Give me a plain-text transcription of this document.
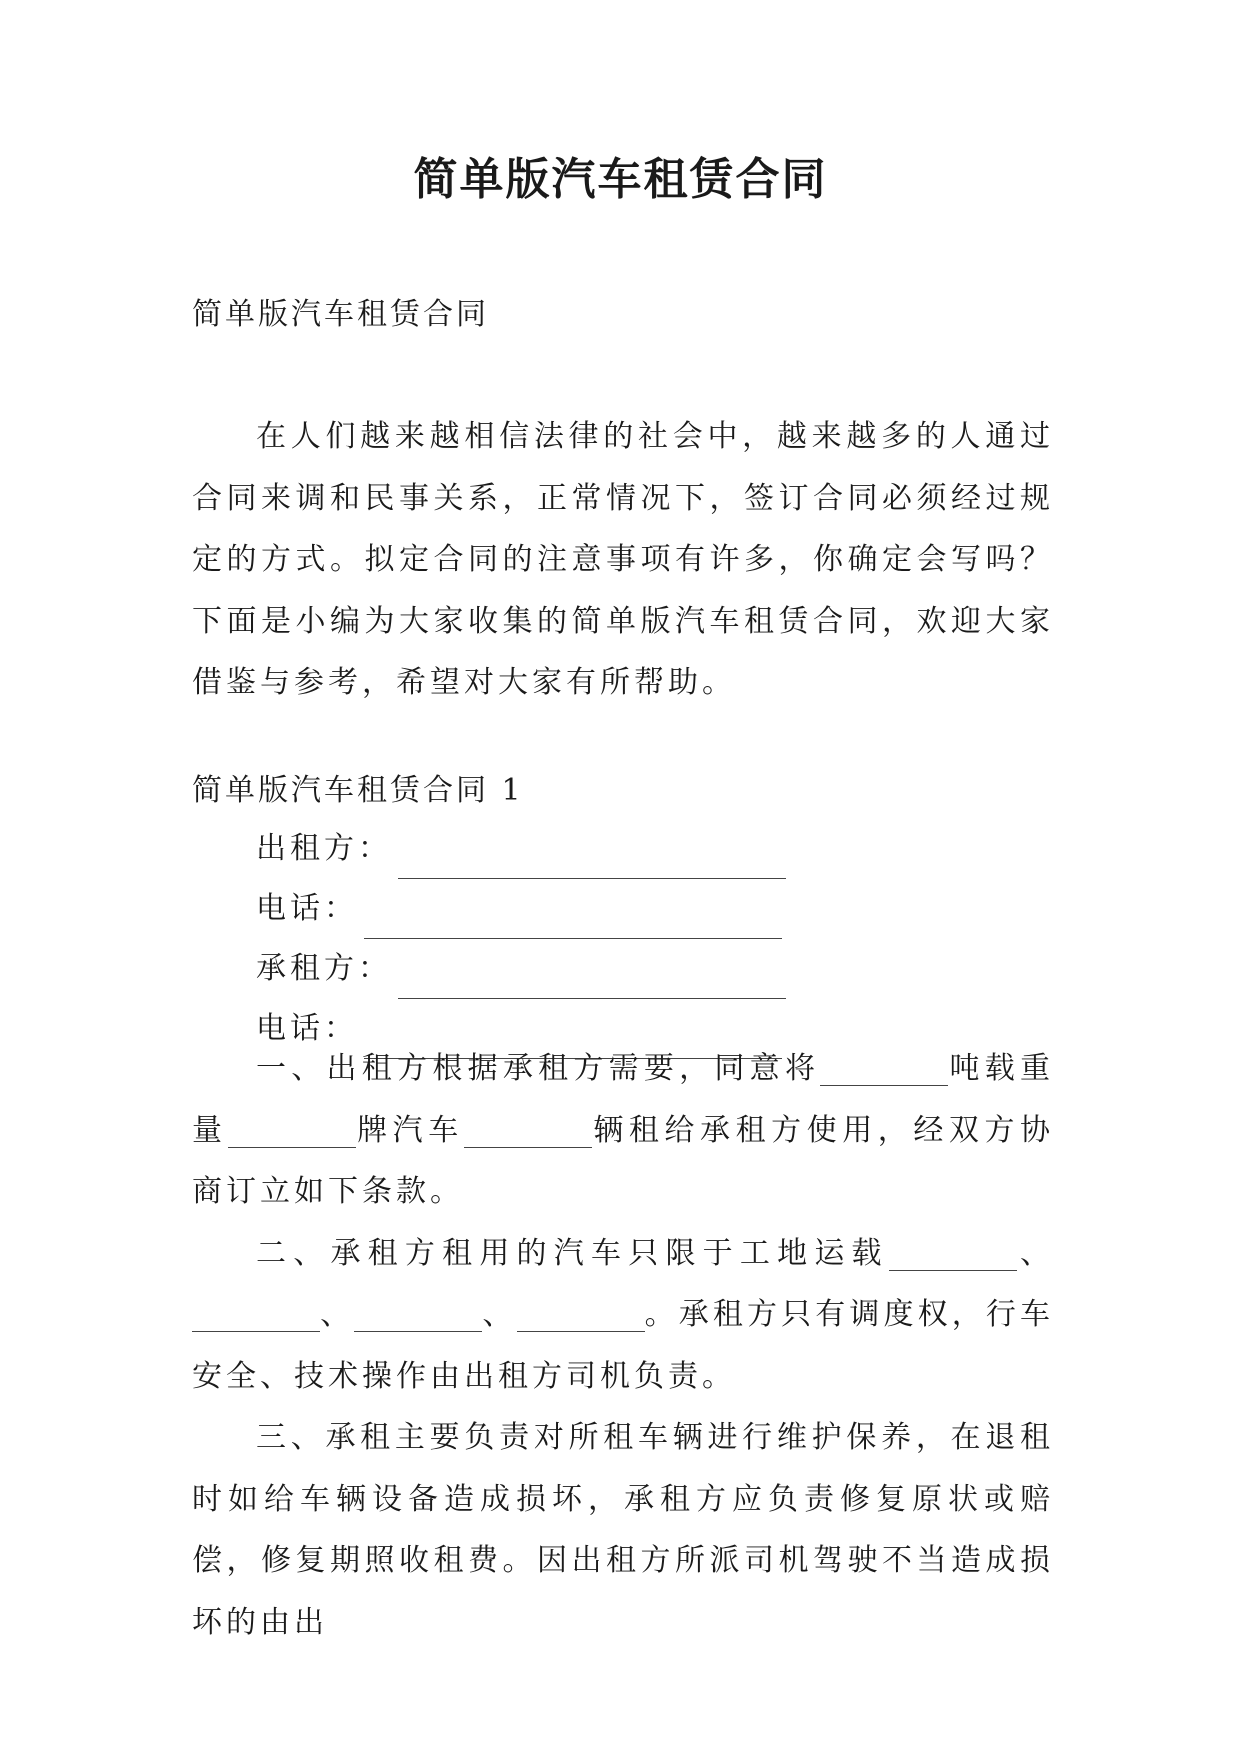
简单版汽车租赁合同
简单版汽车租赁合同

在人们越来越相信法律的社会中，越来越多的人通过合同来调和民事关系，正常情况下，签订合同必须经过规定的方式。拟定合同的注意事项有许多，你确定会写吗？下面是小编为大家收集的简单版汽车租赁合同，欢迎大家借鉴与参考，希望对大家有所帮助。

简单版汽车租赁合同 1
出租方：
电话：
承租方：
电话：

一、出租方根据承租方需要，同意将	吨载重量	牌汽车	辆租给承租方使用，经双方协商订立如下条款。

二、承租方租用的汽车只限于工地运载	、、	、	。承租方只有调度权，行车安全、技术操作由出租方司机负责。

三、承租主要负责对所租车辆进行维护保养，在退租时如给车辆设备造成损坏，承租方应负责修复原状或赔偿，修复期照收租费。因出租方所派司机驾驶不当造成损坏的由出
